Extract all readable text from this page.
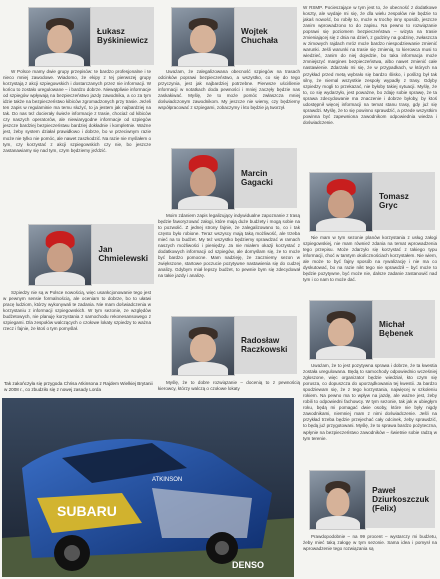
Łukasz
Byśkiniewicz

W Polsce mamy dwie grupy przepisów: te bardzo profesjonalne i te nieco mniej zawodowe. Wiadomo, że ekipy z tej pierwszej grupy korzystają z akcji szpiegowskich i dostarczanych przez nie informacji. W końcu to zostało uregulowane – i bardzo dobrze. Niewątpliwie informacje od szpiegów wpływają na bezpieczeństwo jazdy zawodnika, a co za tym idzie także na bezpieczeństwo kibiców zgromadzonych przy trasie. Jeżeli ten zapis w regulaminie ma temu służyć, to ja jestem jak najbardziej na tak. Do nas też docierały świeże informacje z trasie, chociaż od kibiców czy naszych operatorów, ale niewiarygodne informacje od szpiegów jeszcze bardziej bezpieczeństwu bardziej dokładnie i kompletnie. Ważne jest, żeby system działał prawidłowo i dobrze, bo w przeciwnym razie może nie tylko nie pomóc, ale nawet zaszkodzić. Na razie nie myślałem o tym, czy korzystać z akcji szpiegowskich czy nie, bo jeszcze zastanawiamy się nad tym, czym będziemy jeździć.

Jan
Chmielewski

Szpiedzy nie są w Polsce nowością, więc usankcjonowanie tego jest w pewnym sensie formalnością, ale oceniam to dobrze, bo to ułatwi pracę ludziom, którzy wykonywali te zadania. Nie mam doświadczenia w korzystaniu z informacji szpiegowskich. W tym sezonie, ze względów budżetowych, nie planuję korzystania z samochodu rekonesansowego z szpiegami. Dla zespołów walczących o czołowe lokaty szpiedzy to ważna rzecz i fajnie, że ktoś o tym pomyślał.

Wojtek
Chuchała

Uważam, że zalegalizowana obecność szpiegów na trasach odcinków poprawi bezpieczeństwo, a wszystko, co się do tego przyczynia, jest jak najbardziej potrzebne. Pierwsze uściślenie informacji w notatkach doda pewności i mniej zaczęły będzie nas zaskakiwać. Myślę, że to może pomóc zwłaszcza mniej doświadczonym zawodnikom. My jeszcze nie wiemy, czy będziemy współpracować z szpiegami, zobaczymy i kto będzie ją tworzył.

Marcin
Gagacki

Moim zdaniem zapis legalizujący indywidualne zapoznanie z trasą będzie faworyzować załogi, które mają duże budżety i mogą sobie na to pozwolić. Z jednej strony fajnie, że zalegalizowano to, co i tak często było robione. Teraz wszyscy mają taką możliwość, ale trzeba mieć na to budżet. My też wszystko będziemy sprawdzać w ramach naszych możliwości i pieniędzy. Ja nie miałem okazji korzystać z dodatkowych informacji od szpiegów, ale domyślam się, że to może być bardzo pomocne. Mam nadzieję, że zaczniemy sezon w zwiększone, startowe poczucie pozytywne nastawienia się do cudzej analizy. Gdybym miał lepszy budżet, to pewnie bym się zdecydował na takie jazdy i analizę.

Radosław
Raczkowski

Myślę, że to dobre rozwiązanie – docenią to z pewnością kierowcy, którzy walczą o czołowe lokaty

W RSMP. Pocieszające w tym jest to, że obecność z dodatkowe koszty, ale wydaje mi się, że dla wielu zespołów nie będzie to jakaś nowość, bo robiły to, może w trochę inny sposób, jeszcze zanim wprowadzono to do zapisu. Na pewno to rozwiązanie poprawi się poziomem bezpieczeństwa – wizyta na trasie zmieniającej się z dnia na dzień, z godziny na godzinę, zwłaszcza w zimowych rajdach mróz może bardzo niespodziewanie zmienić warunki. Jeśli warunki na trasie się zmienią, to kierowca musi to wiedzieć, zanim do niej dojedzie, bo taka informacja może zmniejszyć margines bezpieczeństwa, albo nawet zmienić całe nastawienie. Zdarzało mi się, że w przypadkach, w których na przykład przed metą wybrało się bardzo ślisko, i poślizg był tak silny, że niemal wszystkie zespoły wypadły z trasy. Gdyby szpiedzy mogli to przekazać, nie byłoby takiej sytuacji. Myślę, że to, co się wydarzyło, jest poważne, bo zdaję sobie sprawę, że ta sprawa zdecydowanie ma znaczenie i dobrze byłoby, by ktoś udostępnił więcej informacji na temat stanu trasy, gdy już się sprawdzi. Myślę, że to się powinno sprawdzić, a przede wszystkim powinna być zapewniona zawodnikom odpowiednia wiedza i doświadczenie.

Tomasz
Gryc

Nie mam w tym sezonie planów korzystania z usług załogi szpiegowskiej, nie mam również zdania na temat wprowadzenia tego przepisu. Może zdarzyło się korzystać z takiego typu informacji, choć w tamtym okolicznościach korzystałem. Nie wiem, ale może to być fajny sposób na rywalizację i nie ma co dyskutować, bo na razie nikt tego nie sprawdził – być może to będzie pozytywne, być może nie, dalsze zadanie zastanowić nad tym i co nam to może dać.

Michał
Bębenek

Uważam, że to jest pozytywna sprawa i dobrze, że ta kwestia została uregulowana. Będą to samochody odpowiednio wcześniej zgłoszone, więc organizator będzie wiedział, kto czym się porusza, co dopuszcza do uporządkowania tej kwestii. Ja bardzo spodziewam się, że z tego korzystania, najwięcej w szkoleniu rokiem. Na pewno ma to wpływ na jazdę, ale ważne jest, żeby robili to odpowiedni fachowcy. W tym sezonie, tak jak w ubiegłym roku, będą mi pomagać dwie osoby, które nie były nigdy zawodnikami, niemniej mam z nimi doświadczenie. Jeśli na przykład trzeba będzie przejechać cały odcinek, żeby sprawdzić, to będą już przygotowani. Myślę, że to sprawa bardzo pożyteczna, wpłynie na bezpieczeństwo zawodników – świetnie sobie radzą w tym terenie.

Paweł
Dziurkoszczuk (Felix)

Prawdopodobnie – na 99 procent – wystarczy mi budżetu, żeby mieć taką załogę w tym sezonie. Sama idea i pomysł na wprowadzenie tego rozwiązania są

Tak zakończyła się przygoda Chrisa Atkinsona z Rajdem Wielkiej Brytanii w 2008 r., co zbudziło się z nowej zasady Lorda
SUBARU
DENSO
ATKINSON
